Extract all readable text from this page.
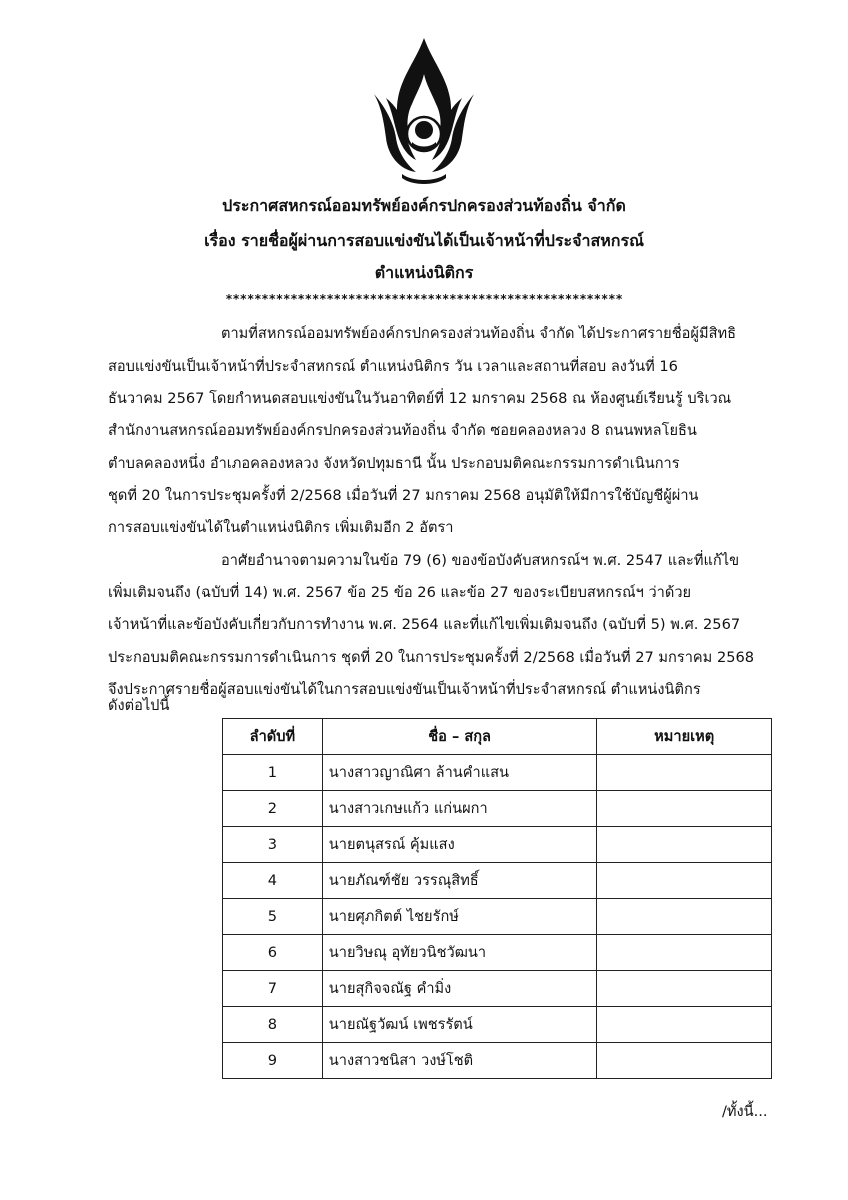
ประกาศสหกรณ์ออมทรัพย์องค์กรปกครองส่วนท้องถิ่น จำกัด
เรื่อง รายชื่อผู้ผ่านการสอบแข่งขันได้เป็นเจ้าหน้าที่ประจำสหกรณ์
ตำแหน่งนิติกร
*******************************************************
ตามที่สหกรณ์ออมทรัพย์องค์กรปกครองส่วนท้องถิ่น จำกัด ได้ประกาศรายชื่อผู้มีสิทธิ
สอบแข่งขันเป็นเจ้าหน้าที่ประจำสหกรณ์ ตำแหน่งนิติกร วัน เวลาและสถานที่สอบ ลงวันที่ 16
ธันวาคม 2567 โดยกำหนดสอบแข่งขันในวันอาทิตย์ที่ 12 มกราคม 2568 ณ ห้องศูนย์เรียนรู้ บริเวณ
สำนักงานสหกรณ์ออมทรัพย์องค์กรปกครองส่วนท้องถิ่น จำกัด ซอยคลองหลวง 8 ถนนพหลโยธิน
ตำบลคลองหนึ่ง อำเภอคลองหลวง จังหวัดปทุมธานี นั้น ประกอบมติคณะกรรมการดำเนินการ
ชุดที่ 20 ในการประชุมครั้งที่ 2/2568 เมื่อวันที่ 27 มกราคม 2568 อนุมัติให้มีการใช้บัญชีผู้ผ่าน
การสอบแข่งขันได้ในตำแหน่งนิติกร เพิ่มเติมอีก 2 อัตรา
อาศัยอำนาจตามความในข้อ 79 (6) ของข้อบังคับสหกรณ์ฯ พ.ศ. 2547 และที่แก้ไข
เพิ่มเติมจนถึง (ฉบับที่ 14) พ.ศ. 2567 ข้อ 25 ข้อ 26 และข้อ 27 ของระเบียบสหกรณ์ฯ ว่าด้วย
เจ้าหน้าที่และข้อบังคับเกี่ยวกับการทำงาน พ.ศ. 2564 และที่แก้ไขเพิ่มเติมจนถึง (ฉบับที่ 5) พ.ศ. 2567
ประกอบมติคณะกรรมการดำเนินการ ชุดที่ 20 ในการประชุมครั้งที่ 2/2568 เมื่อวันที่ 27 มกราคม 2568
จึงประกาศรายชื่อผู้สอบแข่งขันได้ในการสอบแข่งขันเป็นเจ้าหน้าที่ประจำสหกรณ์ ตำแหน่งนิติกร
ดังต่อไปนี้
ลำดับที่	ชื่อ – สกุล	หมายเหตุ
1	นางสาวญาณิศา ล้านคำแสน	
2	นางสาวเกษแก้ว แก่นผกา	
3	นายตนุสรณ์ คุ้มแสง	
4	นายภัณฑ์ชัย วรรณุสิทธิ์	
5	นายศุภกิตต์ ไชยรักษ์	
6	นายวิษณุ อุทัยวนิชวัฒนา	
7	นายสุกิจจณัฐ คำมิ่ง	
8	นายณัฐวัฒน์ เพชรรัตน์	
9	นางสาวชนิสา วงษ์โชติ	
/ทั้งนี้...
